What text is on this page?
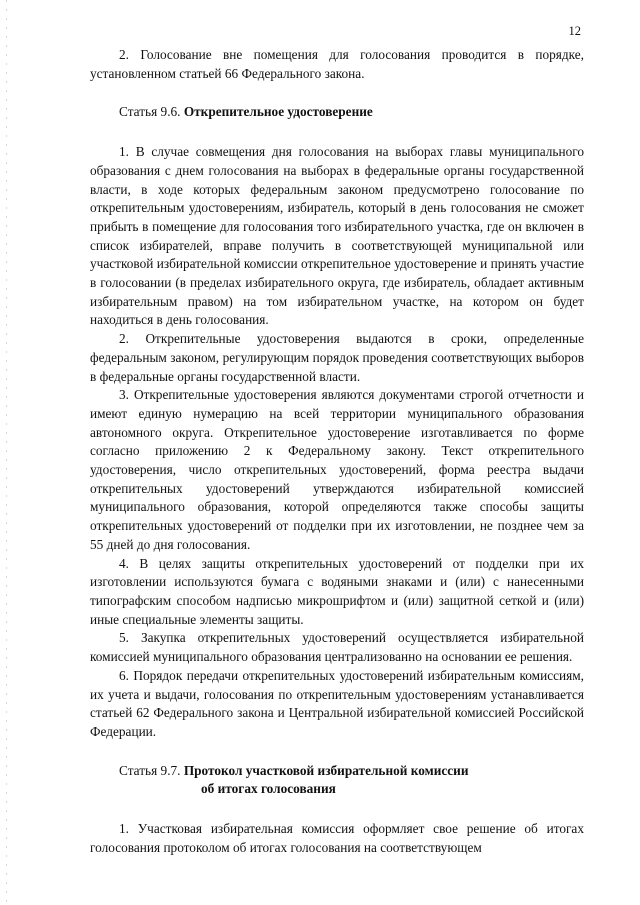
12

2. Голосование вне помещения для голосования проводится в порядке, установленном статьей 66 Федерального закона.

Статья 9.6. Открепительное удостоверение

1. В случае совмещения дня голосования на выборах главы муниципального образования с днем голосования на выборах в федеральные органы государственной власти, в ходе которых федеральным законом предусмотрено голосование по открепительным удостоверениям, избиратель, который в день голосования не сможет прибыть в помещение для голосования того избирательного участка, где он включен в список избирателей, вправе получить в соответствующей муниципальной или участковой избирательной комиссии открепительное удостоверение и принять участие в голосовании (в пределах избирательного округа, где избиратель, обладает активным избирательным правом) на том избирательном участке, на котором он будет находиться в день голосования.

2. Открепительные удостоверения выдаются в сроки, определенные федеральным законом, регулирующим порядок проведения соответствующих выборов в федеральные органы государственной власти.

3. Открепительные удостоверения являются документами строгой отчетности и имеют единую нумерацию на всей территории муниципального образования автономного округа. Открепительное удостоверение изготавливается по форме согласно приложению 2 к Федеральному закону. Текст открепительного удостоверения, число открепительных удостоверений, форма реестра выдачи открепительных удостоверений утверждаются избирательной комиссией муниципального образования, которой определяются также способы защиты открепительных удостоверений от подделки при их изготовлении, не позднее чем за 55 дней до дня голосования.

4. В целях защиты открепительных удостоверений от подделки при их изготовлении используются бумага с водяными знаками и (или) с нанесенными типографским способом надписью микрошрифтом и (или) защитной сеткой и (или) иные специальные элементы защиты.

5. Закупка открепительных удостоверений осуществляется избирательной комиссией муниципального образования централизованно на основании ее решения.

6. Порядок передачи открепительных удостоверений избирательным комиссиям, их учета и выдачи, голосования по открепительным удостоверениям устанавливается статьей 62 Федерального закона и Центральной избирательной комиссией Российской Федерации.

Статья 9.7. Протокол участковой избирательной комиссии

об итогах голосования

1. Участковая избирательная комиссия оформляет свое решение об итогах голосования протоколом об итогах голосования на соответствующем
